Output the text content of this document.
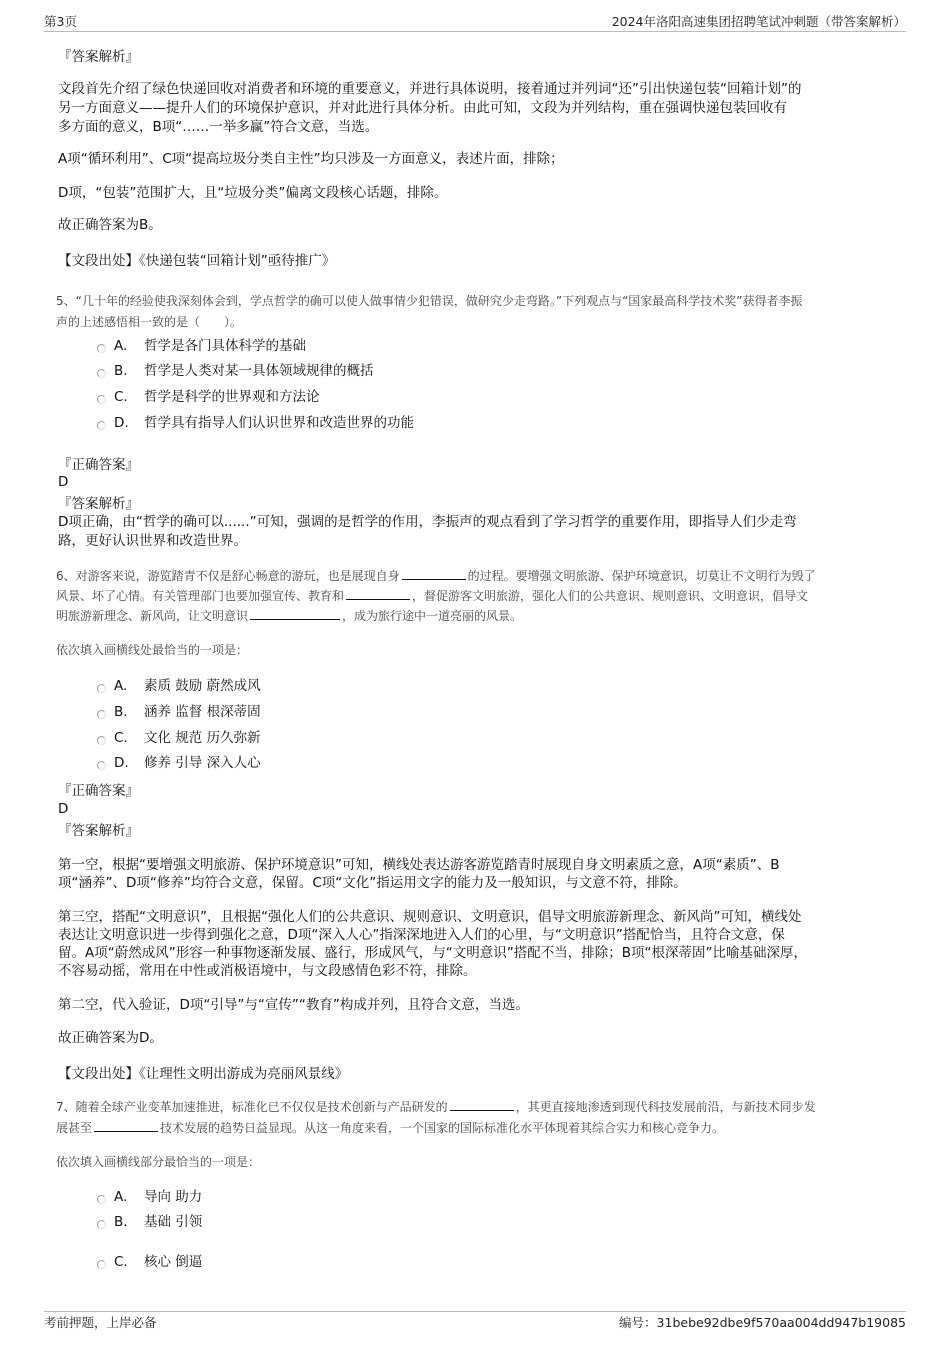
第3页	2024年洛阳高速集团招聘笔试冲刺题（带答案解析）
『答案解析』
文段首先介绍了绿色快递回收对消费者和环境的重要意义，并进行具体说明，接着通过并列词“还”引出快递包装“回箱计划”的
另一方面意义——提升人们的环境保护意识，并对此进行具体分析。由此可知，文段为并列结构，重在强调快递包装回收有
多方面的意义，B项“……一举多赢”符合文意，当选。
A项“循环利用”、C项“提高垃圾分类自主性”均只涉及一方面意义，表述片面，排除；
D项，“包装”范围扩大，且“垃圾分类”偏离文段核心话题，排除。
故正确答案为B。
【文段出处】《快递包装“回箱计划”亟待推广》
5、“几十年的经验使我深刻体会到，学点哲学的确可以使人做事情少犯错误，做研究少走弯路。”下列观点与“国家最高科学技术奖”获得者李振
声的上述感悟相一致的是（　　）。
A.	哲学是各门具体科学的基础
B.	哲学是人类对某一具体领域规律的概括
C.	哲学是科学的世界观和方法论
D.	哲学具有指导人们认识世界和改造世界的功能
『正确答案』
D
『答案解析』
D项正确，由“哲学的确可以......”可知，强调的是哲学的作用，李振声的观点看到了学习哲学的重要作用，即指导人们少走弯
路，更好认识世界和改造世界。
6、对游客来说，游览踏青不仅是舒心畅意的游玩，也是展现自身	的过程。要增强文明旅游、保护环境意识，切莫让不文明行为毁了
风景、坏了心情。有关管理部门也要加强宣传、教育和	，督促游客文明旅游，强化人们的公共意识、规则意识、文明意识，倡导文
明旅游新理念、新风尚，让文明意识	，成为旅行途中一道亮丽的风景。
依次填入画横线处最恰当的一项是：
A.	素质 鼓励 蔚然成风
B.	涵养 监督 根深蒂固
C.	文化 规范 历久弥新
D.	修养 引导 深入人心
『正确答案』
D
『答案解析』
第一空，根据“要增强文明旅游、保护环境意识”可知，横线处表达游客游览踏青时展现自身文明素质之意，A项“素质”、B
项“涵养”、D项“修养”均符合文意，保留。C项“文化”指运用文字的能力及一般知识，与文意不符，排除。
第三空，搭配“文明意识”，且根据“强化人们的公共意识、规则意识、文明意识，倡导文明旅游新理念、新风尚”可知，横线处
表达让文明意识进一步得到强化之意，D项“深入人心”指深深地进入人们的心里，与“文明意识”搭配恰当，且符合文意，保
留。A项“蔚然成风”形容一种事物逐渐发展、盛行，形成风气，与“文明意识”搭配不当，排除；B项“根深蒂固”比喻基础深厚，
不容易动摇，常用在中性或消极语境中，与文段感情色彩不符，排除。
第二空，代入验证，D项“引导”与“宣传”“教育”构成并列，且符合文意，当选。
故正确答案为D。
【文段出处】《让理性文明出游成为亮丽风景线》
7、随着全球产业变革加速推进，标准化已不仅仅是技术创新与产品研发的	，其更直接地渗透到现代科技发展前沿，与新技术同步发
展甚至	技术发展的趋势日益显现。从这一角度来看，一个国家的国际标准化水平体现着其综合实力和核心竞争力。
依次填入画横线部分最恰当的一项是：
A.	导向 助力
B.	基础 引领
C.	核心 倒逼
考前押题，上岸必备	编号：31bebe92dbe9f570aa004dd947b19085
